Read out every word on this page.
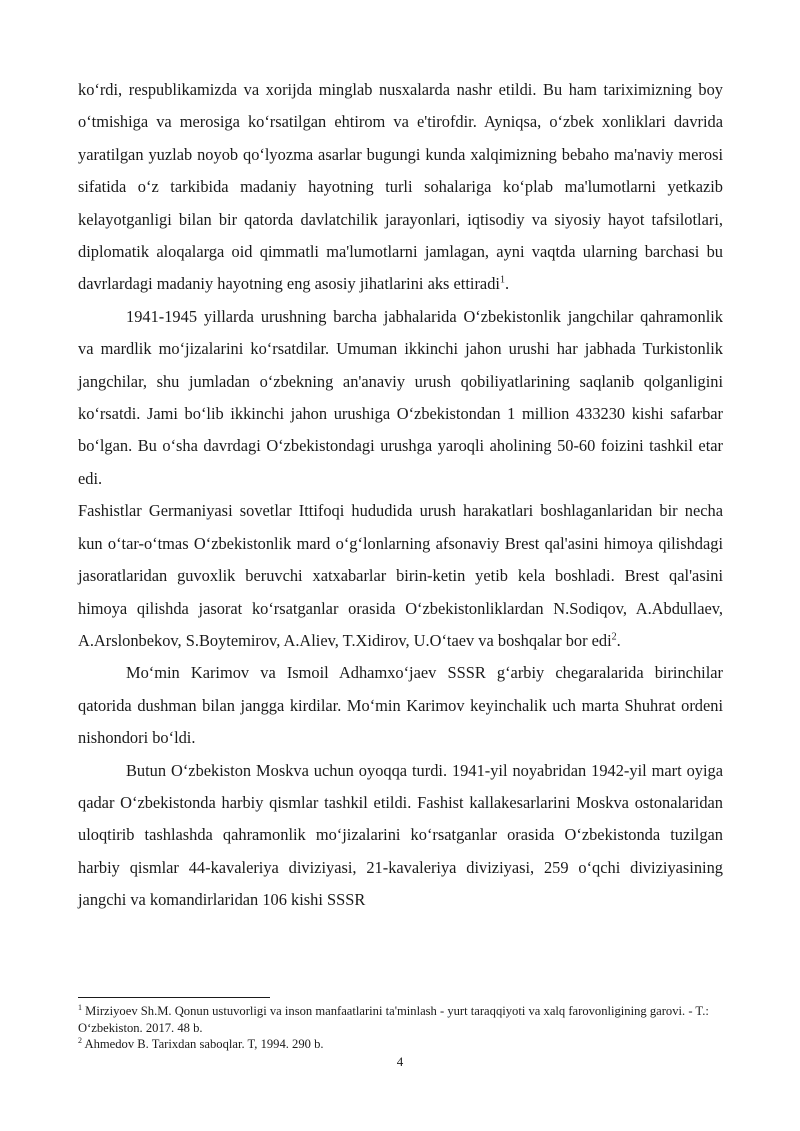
ko‘rdi, respublikamizda va xorijda minglab nusxalarda nashr etildi. Bu ham tariximizning boy o‘tmishiga va merosiga ko‘rsatilgan ehtirom va e'tirofdir. Ayniqsa, o‘zbek xonliklari davrida yaratilgan yuzlab noyob qo‘lyozma asarlar bugungi kunda xalqimizning bebaho ma'naviy merosi sifatida o‘z tarkibida madaniy hayotning turli sohalariga ko‘plab ma'lumotlarni yetkazib kelayotganligi bilan bir qatorda davlatchilik jarayonlari, iqtisodiy va siyosiy hayot tafsilotlari, diplomatik aloqalarga oid qimmatli ma'lumotlarni jamlagan, ayni vaqtda ularning barchasi bu davrlardagi madaniy hayotning eng asosiy jihatlarini aks ettiradi$^1$.

1941-1945 yillarda urushning barcha jabhalarida O‘zbekistonlik jangchilar qahramonlik va mardlik mo‘jizalarini ko‘rsatdilar. Umuman ikkinchi jahon urushi har jabhada Turkistonlik jangchilar, shu jumladan o‘zbekning an'anaviy urush qobiliyatlarining saqlanib qolganligini ko‘rsatdi. Jami bo‘lib ikkinchi jahon urushiga O‘zbekistondan 1 million 433230 kishi safarbar bo‘lgan. Bu o‘sha davrdagi O‘zbekistondagi urushga yaroqli aholining 50-60 foizini tashkil etar edi.

Fashistlar Germaniyasi sovetlar Ittifoqi hududida urush harakatlari boshlaganlaridan bir necha kun o‘tar-o‘tmas O‘zbekistonlik mard o‘g‘lonlarning afsonaviy Brest qal'asini himoya qilishdagi jasoratlaridan guvoxlik beruvchi xatxabarlar birin-ketin yetib kela boshladi. Brest qal'asini himoya qilishda jasorat ko‘rsatganlar orasida O‘zbekistonliklardan N.Sodiqov, A.Abdullaev, A.Arslonbekov, S.Boytemirov, A.Aliev, T.Xidirov, U.O‘taev va boshqalar bor edi$^2$.

Mo‘min Karimov va Ismoil Adhamxo‘jaev SSSR g‘arbiy chegaralarida birinchilar qatorida dushman bilan jangga kirdilar. Mo‘min Karimov keyinchalik uch marta Shuhrat ordeni nishondori bo‘ldi.

Butun O‘zbekiston Moskva uchun oyoqqa turdi. 1941-yil noyabridan 1942-yil mart oyiga qadar O‘zbekistonda harbiy qismlar tashkil etildi. Fashist kallakesarlarini Moskva ostonalaridan uloqtirib tashlashda qahramonlik mo‘jizalarini ko‘rsatganlar orasida O‘zbekistonda tuzilgan harbiy qismlar 44-kavaleriya diviziyasi, 21-kavaleriya diviziyasi, 259 o‘qchi diviziyasining jangchi va komandirlaridan 106 kishi SSSR

$^1$ Mirziyoev Sh.M. Qonun ustuvorligi va inson manfaatlarini ta'minlash - yurt taraqqiyoti va xalq farovonligining garovi. - T.: O‘zbekiston. 2017. 48 b.

$^2$ Ahmedov B. Tarixdan saboqlar. T, 1994. 290 b.

4
